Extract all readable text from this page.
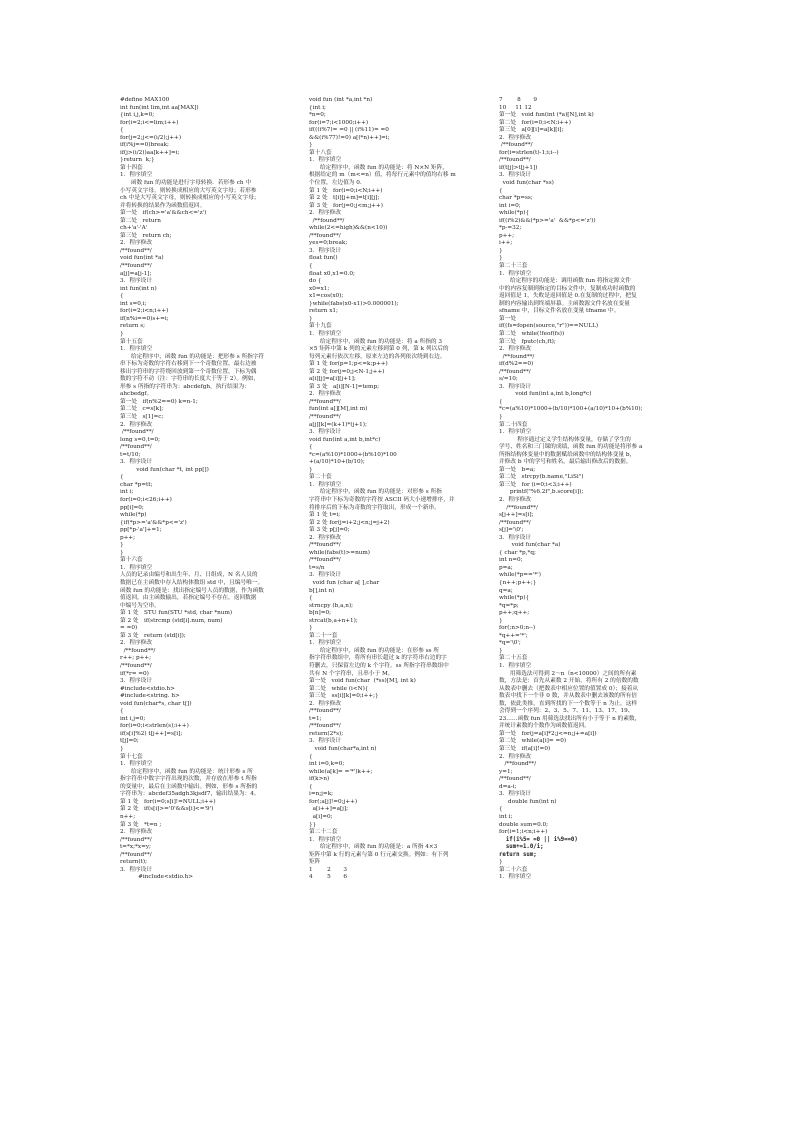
#define MAX100
int fun(int lim,int aa[MAX])
{int i,j,k=0;
for(i=2;i<=lim;i++)
{
for(j=2;j<=(i/2);j++)
if(i%j==0)break;
if(j>(i/2))aa[k++]=i;
}return  k;}
第十四套
1．程序填空
函数 fun 的功能是进行字母转换．若形参 ch 中
小写英文字母，则转换成相应的大写英文字母；若形参
ch 中是大写英文字母，则转换成相应的小写英文字母；
并将转换的结果作为函数值返回。
第一处   if(ch>='a'&&ch<='z')
第二处   return
ch+'a'-'A'
第三处   return ch;
2．程序修改
/**found**/
void fun(int *a)
/**found**/
a[j]=a[j-1];
3．程序设计
int fun(int n)
{
int s=0,i;
for(i=2;i<n;i++)
if(n%i==0)s+=i;
return s;
}
第十五套
1．程序填空
给定程序中，函数 fun 的功能是：把形参 s 所指字符
串下标为奇数的字符右移到下一个奇数位置，最右边被
移出字符串的字符绕回放到第一个奇数位置，下标为偶
数的字符不动（注：字符串的长度大于等于 2）。例如，
形参 s 所指的字符串为：abcdefgh，执行结果为：
ahcbedgf。
第一处   if(n%2==0) k=n-1;
第二处   c=s[k];
第三处   s[1]=c;
2．程序修改
/**found**/
long s=0,t=0;
/**found**/
t=t/10;
3．程序设计
void fun(char *t, int pp[])
{
char *p=tt;
int i;
for(i=0;i<26;i++)
pp[i]=0;
while(*p)
{if(*p>='a'&&*p<='z')
pp[*p-'a']+=1;
p++;
}
}
第十六套
1．程序填空
人员的记录由编号和出生年、月、日组成，N 名人员的
数据已在主函数中存入结构体数组 std 中，且编号唯一。
函数 fun 的功能是：找出指定编号人员的数据，作为函数
值返回，由主函数输出，若指定编号不存在，返回数据
中编号为空串。
第 1 处   STU fun(STU *std, char *num)
第 2 处   if(strcmp (std[i].num, num)
= =0)
第 3 处   return (std[i]);
2．程序修改
/**found**/
r++; p++;
/**found**/
if(*r= =0)
3．程序设计
#include<stdio.h>
#include<string. h>
void fun(char*s, char t[])
{
int i,j=0;
for(i=0;i<strlen(s);i++)
if(s[i]%2) t[j++]=s[i];
t[j]=0;
}
第十七套
1．程序填空
给定程序中，函数 fun 的功能是：统计形参 s 所
指字符串中数字字符出现的次数，并存放在形参 t 所指
的变量中，最后在主函数中输出。例如，形参 s 所指的
字符串为：abcdef35adgh3kjsdf7，输出结果为：4。
第 1 处   for(i=0;s[i]!=NULL;i++)
第 2 处   if(s[i]>='0'&&s[i]<='9')
n++;
第 3 处   *t=n ;
2．程序修改
/**found**/
t=*x;*x=y;
/**found**/
return(t);
3．程序设计
#include<stdio.h>
void fun (int *a,int *n)
{int i;
*n=0;
for(i=7;i<1000;i++)
if(((i%7)= =0 || (i%11)= =0
&&(i%77)!=0) a[(*n)++]=i;
}
第十八套
1．程序填空
给定程序中，函数 fun 的功能是：将 N×N 矩阵，
根据给定的 m（m<=n）值，将每行元素中的值均右移 m
个位置，左边值为 0.
第 1 处   for(i=0;i<N;i++)
第 2 处   t[i][j+m]=t[i][j];
第 3 处   for(j=0;j<m;j++)
2．程序修改
/**found**/
while(2<=high)&&(n<10))
/**found**/
yes=0;break;
3．程序设计
float fun()
{
float x0,x1=0.0;
do {
x0=x1;
x1=cos(x0);
}while(fabs(x0-x1)>0.000001);
return x1;
}
第十九套
1．程序填空
给定程序中，函数 fun 的功能是：将 a 所指的 3
×5 矩阵中第 k 列的元素左移到第 0 列，第 k 列以后的
每列元素行依次左移，原来左边的各列依次绕到右边。
第 1 处 for(p=1;p<=k;p++)
第 2 处 for(j=0;j<N-1;j++)
a[i][j]=a[i][j+1];
第 3 处   a[i][N-1]=temp;
2．程序修改
/**found**/
fun(int a[][M],int m)
/**found**/
a[j][k]=(k+1)*(j+1);
3．程序设计
void fun(int a,int b,int*c)
{
*c=(a%10)*1000+(b%10)*100
+(a/10)*10+(b/10);
}
第二十套
1．程序填空
给定程序中，函数 fun 的功能是：对形参 s 所指
字符串中下标为奇数的字符按 ASCII 码大小递增排序，并
将排序后的下标为奇数的字符取出，形成一个新串。
第 1 处 t=i;
第 2 处 for(j=i+2;j<n;j=j+2)
第 3 处 p[j]=0;
2．程序修改
/**found**/
while(fabs(t)>=num)
/**found**/
t=s/n
3．程序设计
void fun (char a[ ],char
b[],int n)
{
strncpy (b,a,n);
b[n]=0;
strcat(b,a+n+1);
}
第二十一套
1．程序填空
给定程序中，函数 fun 的功能是：在形参 ss 所
指字符串数组中，将所有串长超过 k 的字符串右边的字
符删去，只保留左边的 k 个字符。ss 所指字符串数组中
共有 N 个字符串，且串小于 M。
第一处   void fun(char  (*ss)[M], int k)
第二处   while (i<N){
第三处   ss[i][k]=0;i++;}
2．程序修改
/**found**/
t=1;
/**found**/
return(2*s);
3．程序设计
void fun(char*a,int n)
{
int i=0,k=0;
while(a[k]= ='*')k++;
if(k>n)
{
i=n;j=k;
for(;a[j]!=0;j++)
a[i++]=a[j];
a[i]=0;
}}
第二十二套
1．程序填空
给定程序中，函数 fun 的功能是：a 所指 4×3
矩阵中第 k 行的元素与第 0 行元素交换。例如：有下列
矩阵
1        2       3
4        5       6
7        8       9
10     11 12
第一处   void fun(int (*a)[N],int k)
第二处   for(i=0;i<N;i++)
第三处   a[0][i]=a[k][i];
2．程序修改
/**found**/
for(i=strlen(t)-1;i;i--)
/**found**/
if(t[j]>t[j+1])
3．程序设计
void fun(char *ss)
{
char *p=ss;
int i=0;
while(*p){
if((i%2)&&(*p>='a'  &&*p<='z'))
*p-=32;
p++;
i++;
}
}
第二十三套
1．程序填空
给定程序的功能是：调用函数 fun 将指定源文件
中的内容复制到指定的目标文件中，复制成功时函数的
返回值是 1，失败是返回值是 0.在复制的过程中，把复
制的内容输出到终端屏幕。主函数源文件名放在变量
sfname 中，目标文件名放在变量 tfname 中。
第一处
if((fs=fopen(source,"r"))==NULL)
第二处   while(!feof(fs))
第三处   fputc(ch,ft);
2．程序修改
/**found**/
if(d%2==0)
/**found**/
s/=10;
3．程序设计
void fun(int a,int b,long*c)
{
*c=(a%10)*1000+(b/10)*100+(a/10)*10+(b%10);
}
第二十四套
1．程序填空
程序通过定义学生结构体变量，存储了学生的
学号、姓名和三门课的成绩，函数 fun 的功能是将形参 a
所指结构体变量中的数据赋给函数中的结构体变量 b，
并修改 b 中的学号和姓名，最后输出修改后的数据。
第一处   b=a;
第二处   strcpy(b.name,"LiSi")
第三处   for (i=0;i<3;i++)
printf("%6.2f",b.score[i]);
2．程序修改
/**found**/
s[j++]=s[i];
/**found**/
s[j]='\0';
3．程序设计
void fun(char *a)
{ char *p,*q;
int n=0;
p=a;
while(*p=='*')
{n++;p++;}
q=a;
while(*p){
*q=*p;
p++;q++;
}
for(;n>0;n--)
*q++='*';
*q='\0';
}
第二十五套
1．程序填空
用筛选法可得到 2～n（n<10000）之间的所有素
数，方法是：首先从素数 2 开始，将所有 2 的倍数的数
从数表中删去（把数表中相应位置的值置成 0）；接着从
数表中找下一个非 0 数，并从数表中删去该数的所有倍
数，依此类推，直到所找的下一个数等于 n 为止。这样
会得到一个序列：2、3、5、7、11、13、17、19、
23……函数 fun 用筛选法找出所有小于等于 n 的素数，
并统计素数的个数作为函数值返回。
第一处   for(j=a[i]*2;j<=n;j+=a[i])
第二处   while(a[i]= =0)
第三处   if(a[i]!=0)
2．程序修改
/**found**/
y=1;
/**found**/
d=a-i;
3．程序设计
double fun(int n)
{
int i;
double sum=0.0;
for(i=1;i<n;i++)
if(i%5= =0 || i%9==0)
sum+=1.0/i;
return sum;
}
第二十六套
1．程序填空
